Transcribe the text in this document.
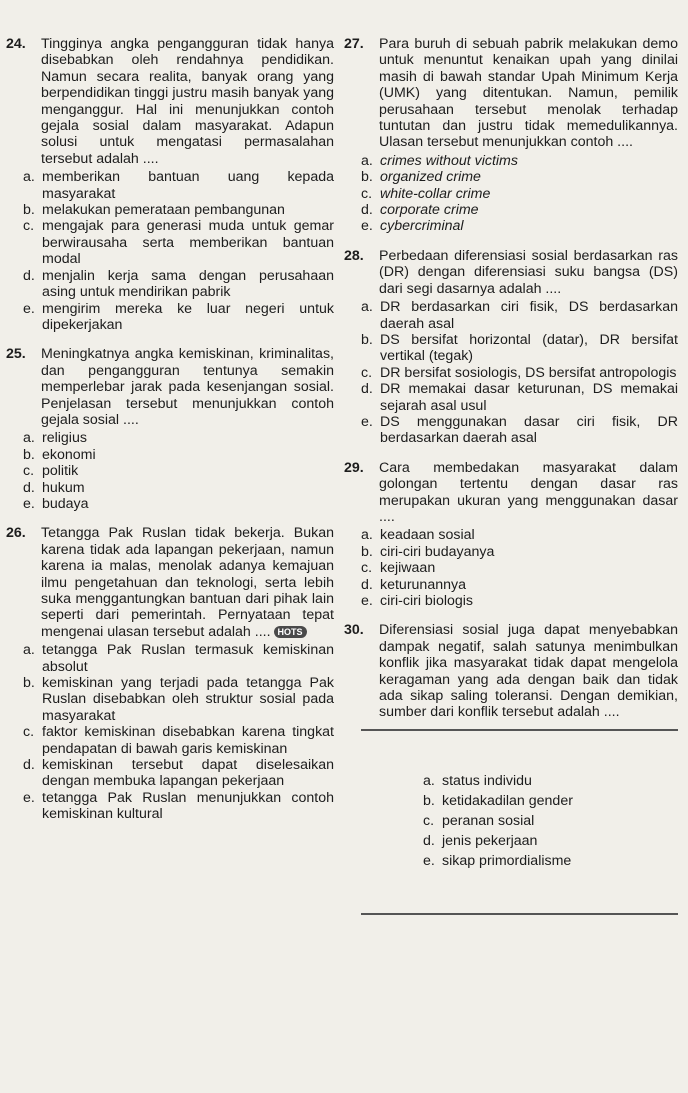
24.	Tingginya angka pengangguran tidak hanya disebabkan oleh rendahnya pendidikan. Namun secara realita, banyak orang yang berpendidikan tinggi justru masih banyak yang menganggur. Hal ini menunjukkan contoh gejala sosial dalam masyarakat. Adapun solusi untuk mengatasi permasalahan tersebut adalah ....
a. memberikan bantuan uang kepada masyarakat
b. melakukan pemerataan pembangunan
c. mengajak para generasi muda untuk gemar berwirausaha serta memberikan bantuan modal
d. menjalin kerja sama dengan perusahaan asing untuk mendirikan pabrik
e. mengirim mereka ke luar negeri untuk dipekerjakan
25.	Meningkatnya angka kemiskinan, kriminalitas, dan pengangguran tentunya semakin memperlebar jarak pada kesenjangan sosial. Penjelasan tersebut menunjukkan contoh gejala sosial ....
a. religius
b. ekonomi
c. politik
d. hukum
e. budaya
26.	Tetangga Pak Ruslan tidak bekerja. Bukan karena tidak ada lapangan pekerjaan, namun karena ia malas, menolak adanya kemajuan ilmu pengetahuan dan teknologi, serta lebih suka menggantungkan bantuan dari pihak lain seperti dari pemerintah. Pernyataan tepat mengenai ulasan tersebut adalah .... HOTS
a. tetangga Pak Ruslan termasuk kemiskinan absolut
b. kemiskinan yang terjadi pada tetangga Pak Ruslan disebabkan oleh struktur sosial pada masyarakat
c. faktor kemiskinan disebabkan karena tingkat pendapatan di bawah garis kemiskinan
d. kemiskinan tersebut dapat diselesaikan dengan membuka lapangan pekerjaan
e. tetangga Pak Ruslan menunjukkan contoh kemiskinan kultural
27.	Para buruh di sebuah pabrik melakukan demo untuk menuntut kenaikan upah yang dinilai masih di bawah standar Upah Minimum Kerja (UMK) yang ditentukan. Namun, pemilik perusahaan tersebut menolak terhadap tuntutan dan justru tidak memedulikannya. Ulasan tersebut menunjukkan contoh ....
a. crimes without victims
b. organized crime
c. white-collar crime
d. corporate crime
e. cybercriminal
28.	Perbedaan diferensiasi sosial berdasarkan ras (DR) dengan diferensiasi suku bangsa (DS) dari segi dasarnya adalah ....
a. DR berdasarkan ciri fisik, DS berdasarkan daerah asal
b. DS bersifat horizontal (datar), DR bersifat vertikal (tegak)
c. DR bersifat sosiologis, DS bersifat antropologis
d. DR memakai dasar keturunan, DS memakai sejarah asal usul
e. DS menggunakan dasar ciri fisik, DR berdasarkan daerah asal
29.	Cara membedakan masyarakat dalam golongan tertentu dengan dasar ras merupakan ukuran yang menggunakan dasar ....
a. keadaan sosial
b. ciri-ciri budayanya
c. kejiwaan
d. keturunannya
e. ciri-ciri biologis
30.	Diferensiasi sosial juga dapat menyebabkan dampak negatif, salah satunya menimbulkan konflik jika masyarakat tidak dapat mengelola keragaman yang ada dengan baik dan tidak ada sikap saling toleransi. Dengan demikian, sumber dari konflik tersebut adalah ....
a. status individu
b. ketidakadilan gender
c. peranan sosial
d. jenis pekerjaan
e. sikap primordialisme
